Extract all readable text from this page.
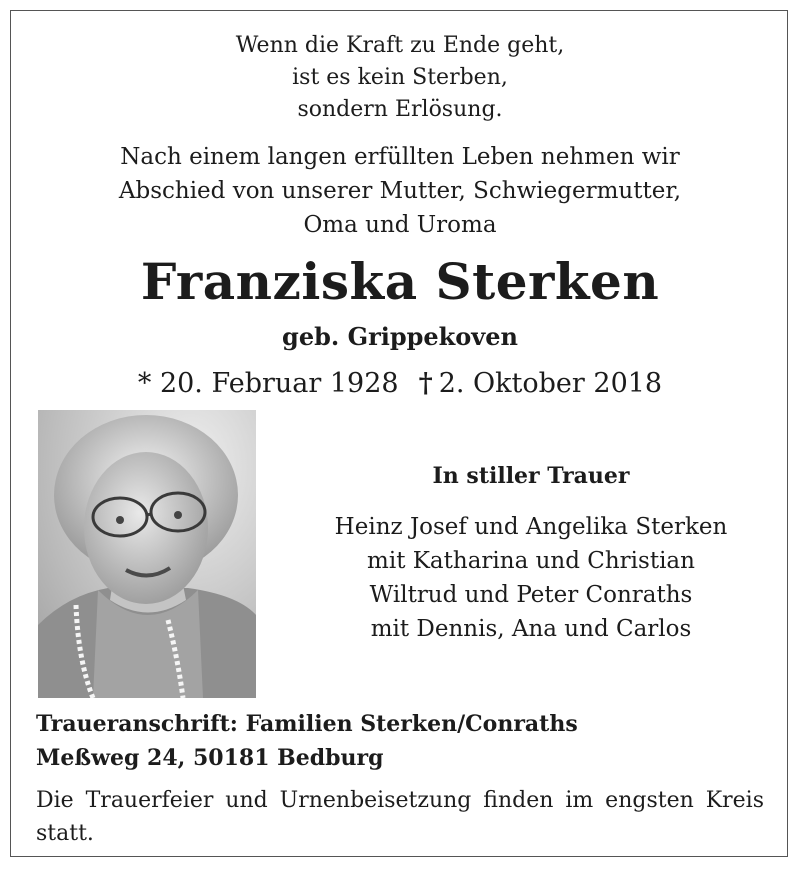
Wenn die Kraft zu Ende geht,
ist es kein Sterben,
sondern Erlösung.
Nach einem langen erfüllten Leben nehmen wir
Abschied von unserer Mutter, Schwiegermutter,
Oma und Uroma
Franziska Sterken
geb. Grippekoven
* 20. Februar 1928 † 2. Oktober 2018
In stiller Trauer
Heinz Josef und Angelika Sterken
mit Katharina und Christian
Wiltrud und Peter Conraths
mit Dennis, Ana und Carlos
Traueranschrift: Familien Sterken/Conraths
Meßweg 24, 50181 Bedburg
Die Trauerfeier und Urnenbeisetzung finden im engsten Kreis statt.
